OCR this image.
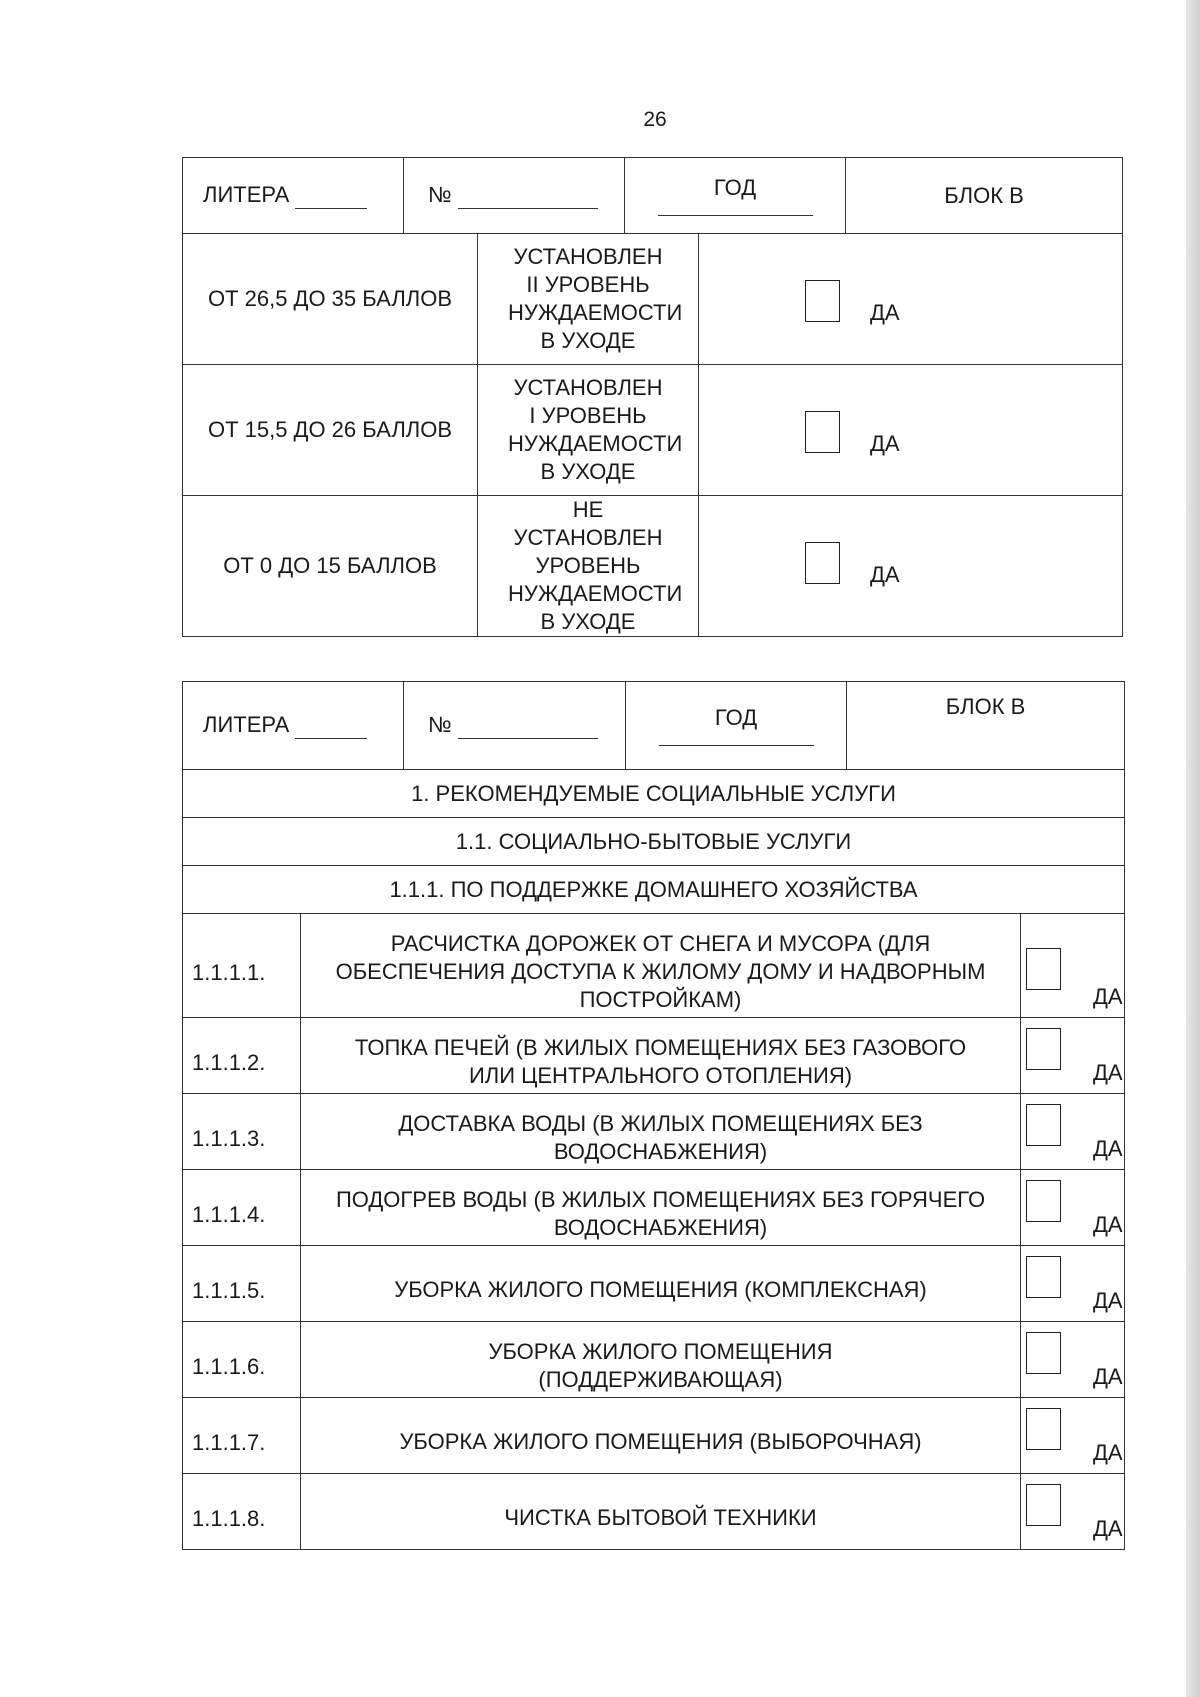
26
ЛИТЕРА	№		ГОД		БЛОК В
ОТ 26,5 ДО 35 БАЛЛОВ		УСТАНОВЛЕН II УРОВЕНЬ НУЖДАЕМОСТИ В УХОДЕ		ДА	

ОТ 15,5 ДО 26 БАЛЛОВ		УСТАНОВЛЕН I УРОВЕНЬ НУЖДАЕМОСТИ В УХОДЕ		ДА	

ОТ 0 ДО 15 БАЛЛОВ		НЕ УСТАНОВЛЕН УРОВЕНЬ НУЖДАЕМОСТИ В УХОДЕ		ДА	
ЛИТЕРА		№	ГОД	БЛОК В	
1. РЕКОМЕНДУЕМЫЕ СОЦИАЛЬНЫЕ УСЛУГИ					
1.1. СОЦИАЛЬНО-БЫТОВЫЕ УСЛУГИ					
1.1.1. ПО ПОДДЕРЖКЕ ДОМАШНЕГО ХОЗЯЙСТВА					
1.1.1.1.	РАСЧИСТКА ДОРОЖЕК ОТ СНЕГА И МУСОРА (ДЛЯ ОБЕСПЕЧЕНИЯ ДОСТУПА К ЖИЛОМУ ДОМУ И НАДВОРНЫМ ПОСТРОЙКАМ)				ДА

1.1.1.2.	ТОПКА ПЕЧЕЙ (В ЖИЛЫХ ПОМЕЩЕНИЯХ БЕЗ ГАЗОВОГО ИЛИ ЦЕНТРАЛЬНОГО ОТОПЛЕНИЯ)				ДА

1.1.1.3.	ДОСТАВКА ВОДЫ (В ЖИЛЫХ ПОМЕЩЕНИЯХ БЕЗ ВОДОСНАБЖЕНИЯ)				ДА

1.1.1.4.	ПОДОГРЕВ ВОДЫ (В ЖИЛЫХ ПОМЕЩЕНИЯХ БЕЗ ГОРЯЧЕГО ВОДОСНАБЖЕНИЯ)				ДА

1.1.1.5.	УБОРКА ЖИЛОГО ПОМЕЩЕНИЯ (КОМПЛЕКСНАЯ)				ДА

1.1.1.6.	УБОРКА ЖИЛОГО ПОМЕЩЕНИЯ (ПОДДЕРЖИВАЮЩАЯ)				ДА

1.1.1.7.	УБОРКА ЖИЛОГО ПОМЕЩЕНИЯ (ВЫБОРОЧНАЯ)				ДА

1.1.1.8.	ЧИСТКА БЫТОВОЙ ТЕХНИКИ				ДА
